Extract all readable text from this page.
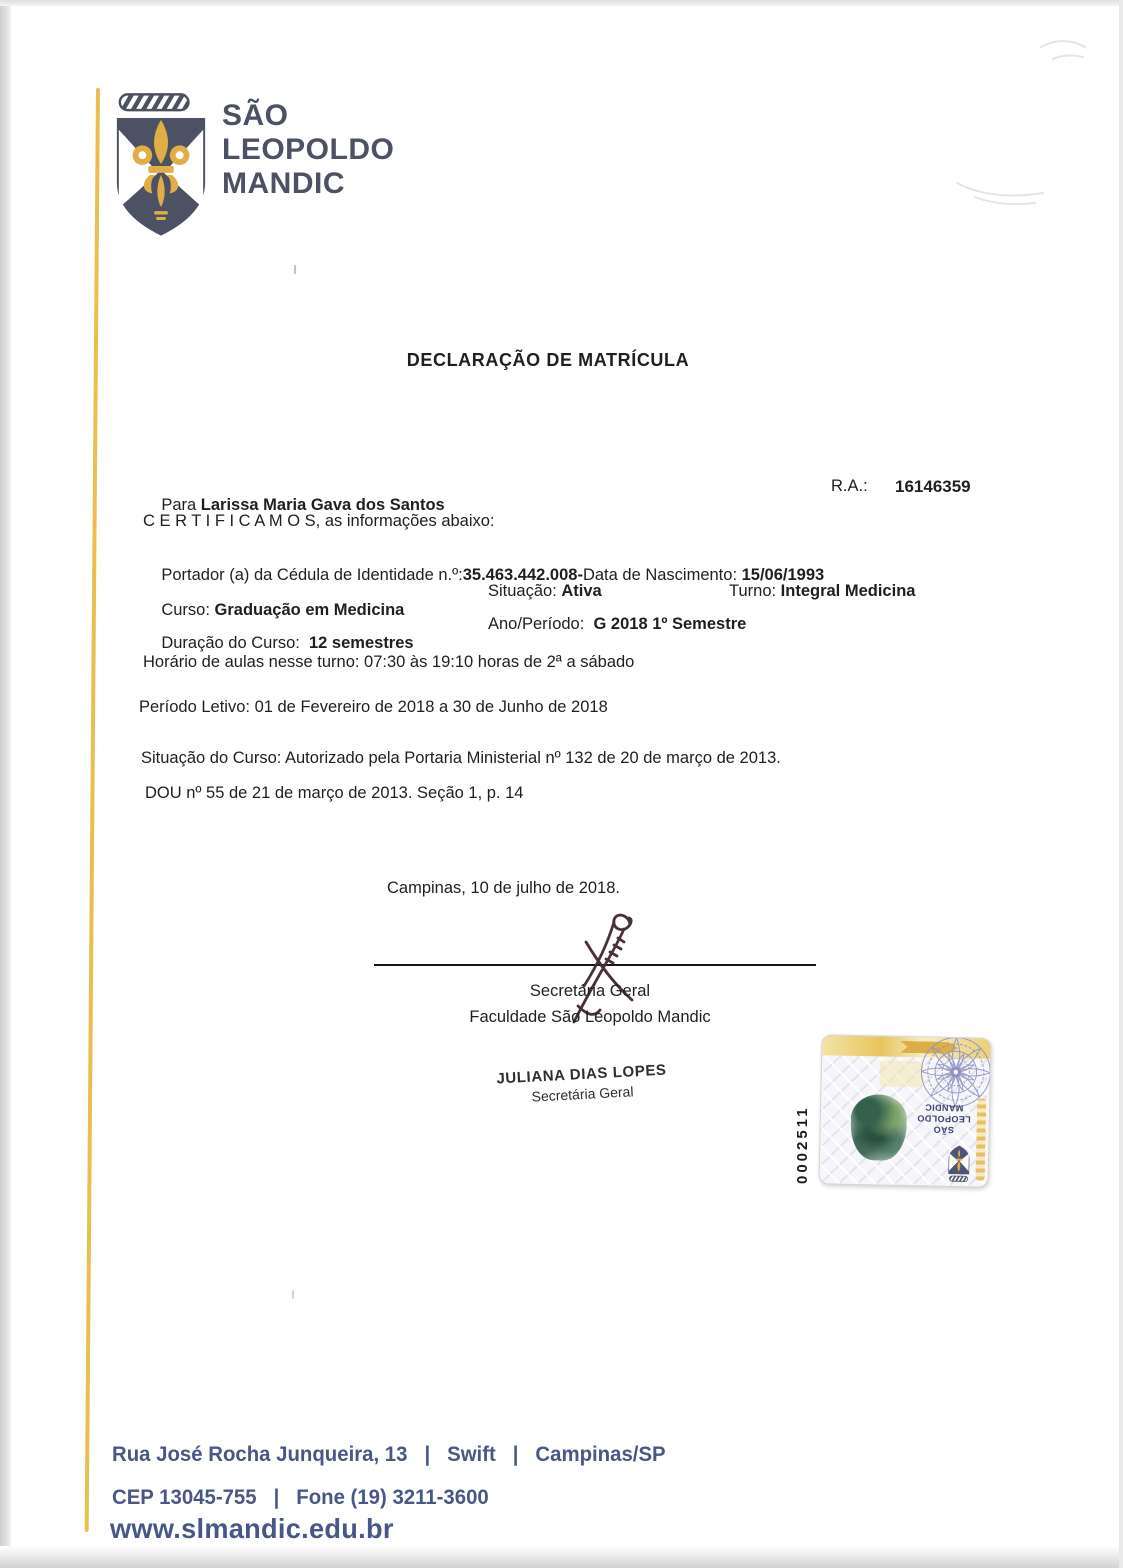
SÃO
LEOPOLDO
MANDIC
DECLARAÇÃO DE MATRÍCULA

Para Larissa Maria Gava dos Santos

R.A.:

16146359

C E R T I F I C A M O S, as informações abaixo:

Portador (a) da Cédula de Identidade n.º:35.463.442.008-Data de Nascimento: 15/06/1993

Curso: Graduação em Medicina

Situação: Ativa

	Turno: Integral Medicina

Duração do Curso:  12 semestres

Ano/Período:  G 2018 1º Semestre

Horário de aulas nesse turno: 07:30 às 19:10 horas de 2ª a sábado
Período Letivo: 01 de Fevereiro de 2018 a 30 de Junho de 2018
Situação do Curso: Autorizado pela Portaria Ministerial nº 132 de 20 de março de 2013.
DOU nº 55 de 21 de março de 2013. Seção 1, p. 14
Campinas, 10 de julho de 2018.
Secretária Geral
Faculdade São Leopoldo Mandic
JULIANA DIAS LOPES
Secretária Geral
0002511	SÃO
LEOPOLDO
MANDIC
Rua José Rocha Junqueira, 13   |   Swift   |   Campinas/SP
CEP 13045-755   |   Fone (19) 3211-3600
www.slmandic.edu.br
